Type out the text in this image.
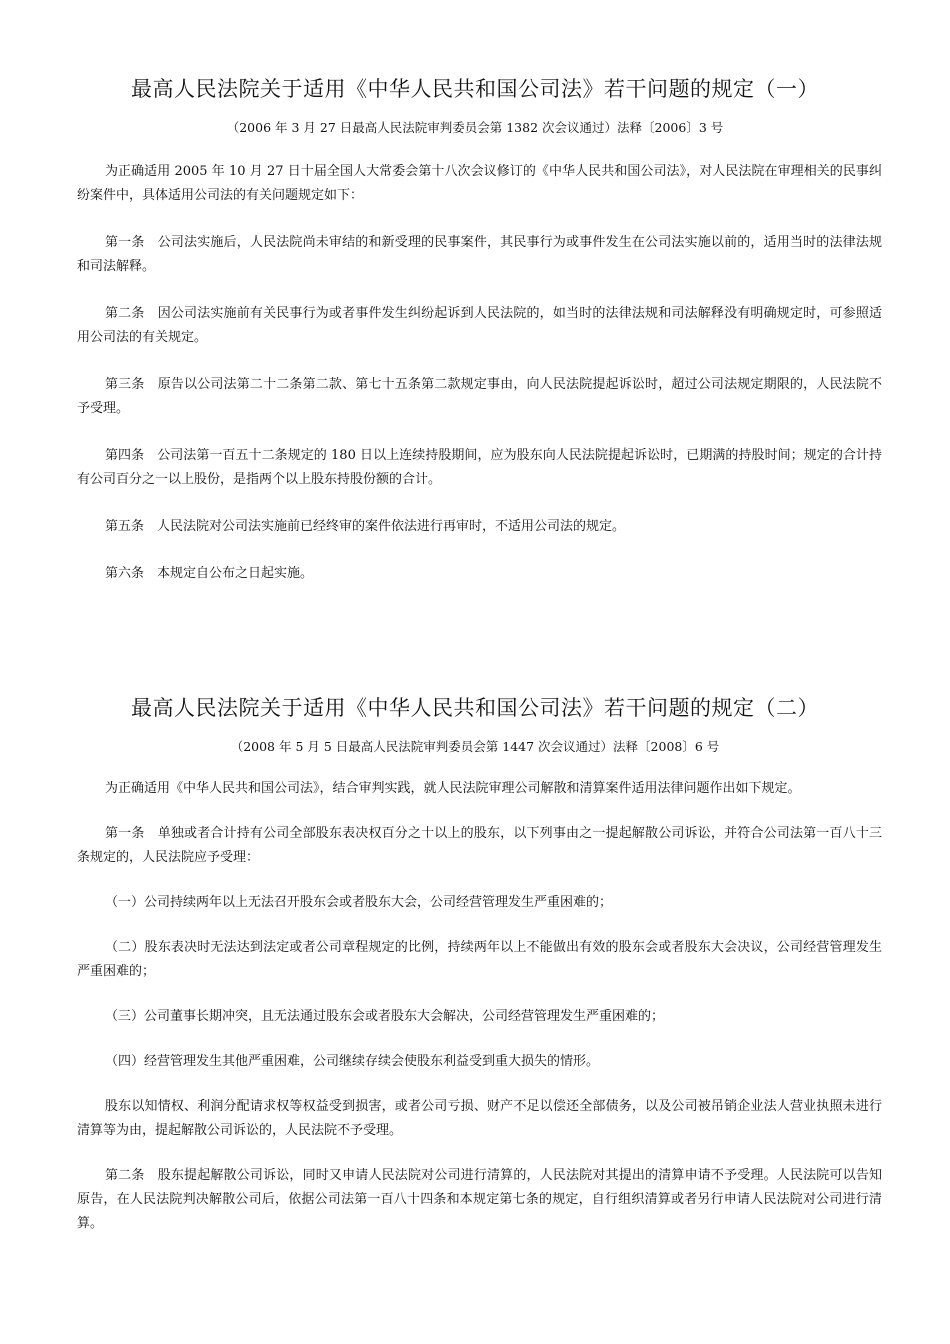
最高人民法院关于适用《中华人民共和国公司法》若干问题的规定（一）

（2006 年 3 月 27 日最高人民法院审判委员会第 1382 次会议通过）法释〔2006〕3 号

为正确适用 2005 年 10 月 27 日十届全国人大常委会第十八次会议修订的《中华人民共和国公司法》，对人民法院在审理相关的民事纠纷案件中，具体适用公司法的有关问题规定如下：

第一条　公司法实施后，人民法院尚未审结的和新受理的民事案件，其民事行为或事件发生在公司法实施以前的，适用当时的法律法规和司法解释。

第二条　因公司法实施前有关民事行为或者事件发生纠纷起诉到人民法院的，如当时的法律法规和司法解释没有明确规定时，可参照适用公司法的有关规定。

第三条　原告以公司法第二十二条第二款、第七十五条第二款规定事由，向人民法院提起诉讼时，超过公司法规定期限的，人民法院不予受理。

第四条　公司法第一百五十二条规定的 180 日以上连续持股期间，应为股东向人民法院提起诉讼时，已期满的持股时间；规定的合计持有公司百分之一以上股份，是指两个以上股东持股份额的合计。

第五条　人民法院对公司法实施前已经终审的案件依法进行再审时，不适用公司法的规定。

第六条　本规定自公布之日起实施。

最高人民法院关于适用《中华人民共和国公司法》若干问题的规定（二）

（2008 年 5 月 5 日最高人民法院审判委员会第 1447 次会议通过）法释〔2008〕6 号

为正确适用《中华人民共和国公司法》，结合审判实践，就人民法院审理公司解散和清算案件适用法律问题作出如下规定。

第一条　单独或者合计持有公司全部股东表决权百分之十以上的股东，以下列事由之一提起解散公司诉讼，并符合公司法第一百八十三条规定的，人民法院应予受理：

（一）公司持续两年以上无法召开股东会或者股东大会，公司经营管理发生严重困难的；

（二）股东表决时无法达到法定或者公司章程规定的比例，持续两年以上不能做出有效的股东会或者股东大会决议，公司经营管理发生严重困难的；

（三）公司董事长期冲突，且无法通过股东会或者股东大会解决，公司经营管理发生严重困难的；

（四）经营管理发生其他严重困难，公司继续存续会使股东利益受到重大损失的情形。

股东以知情权、利润分配请求权等权益受到损害，或者公司亏损、财产不足以偿还全部债务，以及公司被吊销企业法人营业执照未进行清算等为由，提起解散公司诉讼的，人民法院不予受理。

第二条　股东提起解散公司诉讼，同时又申请人民法院对公司进行清算的，人民法院对其提出的清算申请不予受理。人民法院可以告知原告，在人民法院判决解散公司后，依据公司法第一百八十四条和本规定第七条的规定，自行组织清算或者另行申请人民法院对公司进行清算。
